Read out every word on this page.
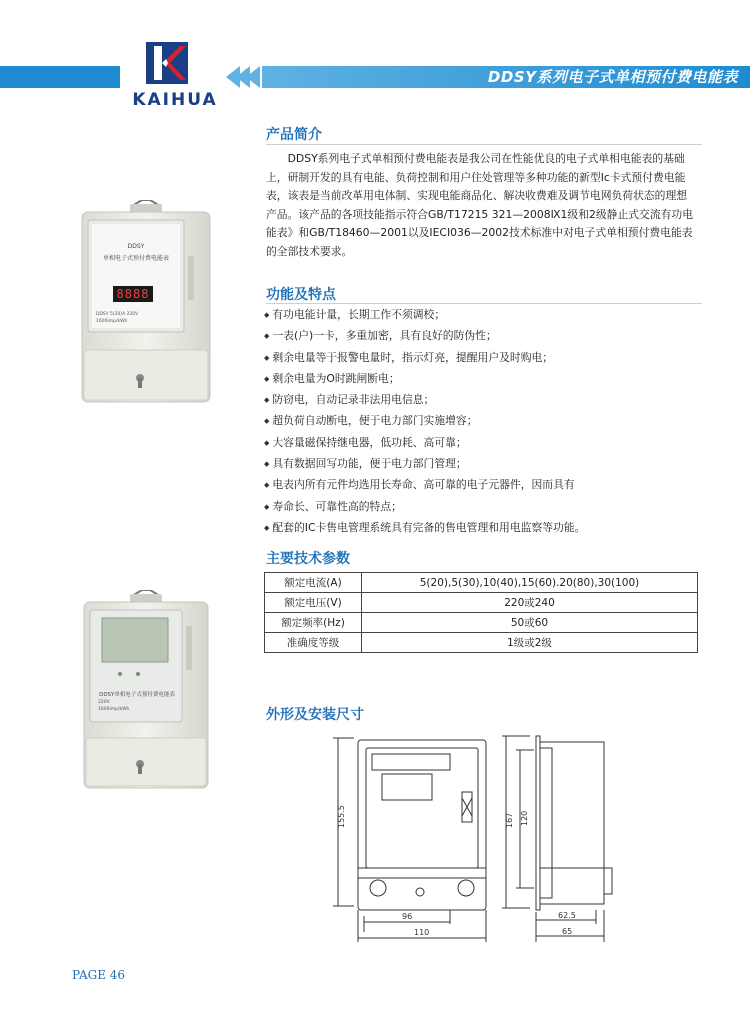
KAIHUA
DDSY系列电子式单相预付费电能表
产品简介
DDSY系列电子式单相预付费电能表是我公司在性能优良的电子式单相电能表的基础上，研制开发的具有电能、负荷控制和用户住处管理等多种功能的新型Ic卡式预付费电能表，该表是当前改革用电体制、实现电能商品化、解决收费难及调节电网负荷状态的理想产品。该产品的各项技能指示符合GB/T17215 321—2008Ⅸ1级和2级静止式交流有功电能表》和GB/T18460—2001以及IECI036—2002技术标准中对电子式单相预付费电能表的全部技术要求。
功能及特点
◆ 有功电能计量，长期工作不须调校；
◆ 一表(户)一卡，多重加密，具有良好的防伪性；
◆ 剩余电量等于报警电量时，指示灯亮，提醒用户及时购电；
◆ 剩余电量为O时跳闸断电；
◆ 防窃电，自动记录非法用电信息；
◆ 超负荷自动断电，便于电力部门实施增容；
◆ 大容量磁保持继电器，低功耗、高可靠；
◆ 具有数据回写功能，便于电力部门管理；
◆ 电表内所有元件均选用长寿命、高可靠的电子元器件，因而具有
◆ 寿命长、可靠性高的特点；
◆ 配套的IC卡售电管理系统具有完备的售电管理和用电监察等功能。
主要技术参数
额定电流(A)	5(20),5(30),10(40),15(60).20(80),30(100)
额定电压(V)	220或240
额定频率(Hz)	50或60
准确度等级	1级或2级
外形及安装尺寸
155.5
96
110
167 120
62.5
65
DDSY
单相电子式预付费电能表
8888
DDSY 5(20)A 220V
1600imp/kWh
DDSY单相电子式预付费电能表
220V
1600imp/kWh
PAGE 46
